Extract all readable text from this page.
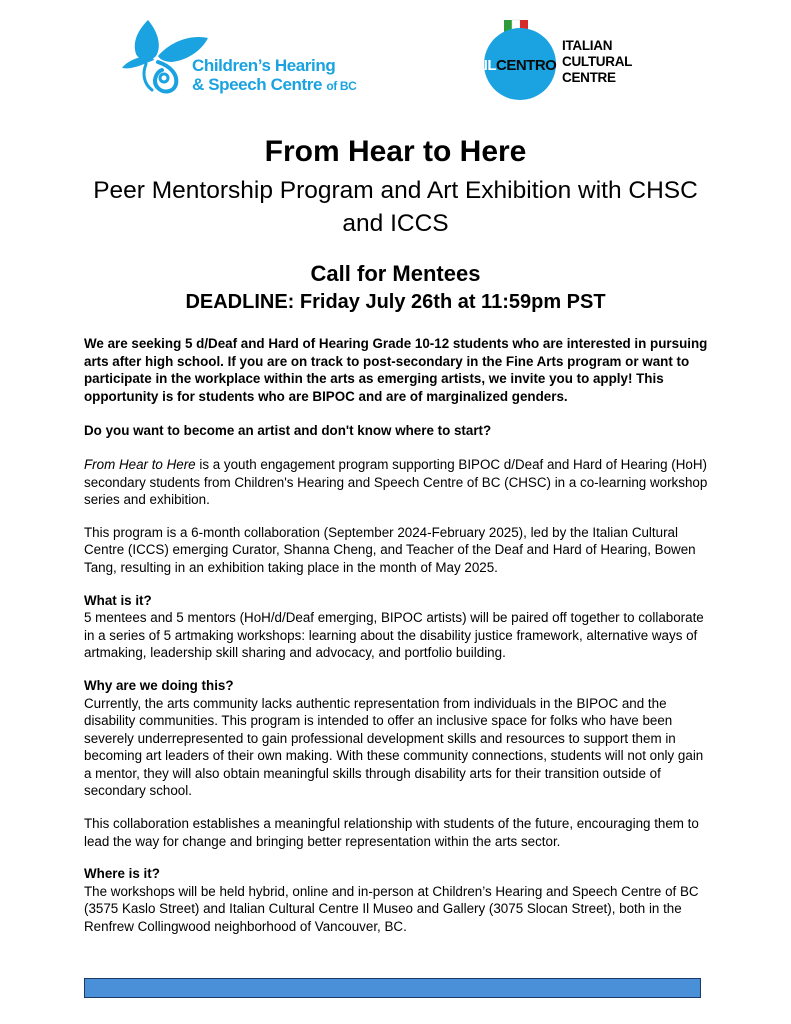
Children’s Hearing
& Speech Centre of BC
ILCENTRO
ITALIAN
CULTURAL
CENTRE
From Hear to Here
Peer Mentorship Program and Art Exhibition with CHSC and ICCS
Call for Mentees
DEADLINE: Friday July 26th at 11:59pm PST

We are seeking 5 d/Deaf and Hard of Hearing Grade 10-12 students who are interested in pursuing arts after high school. If you are on track to post-secondary in the Fine Arts program or want to participate in the workplace within the arts as emerging artists, we invite you to apply! This opportunity is for students who are BIPOC and are of marginalized genders.

Do you want to become an artist and don't know where to start?

From Hear to Here is a youth engagement program supporting BIPOC d/Deaf and Hard of Hearing (HoH) secondary students from Children's Hearing and Speech Centre of BC (CHSC) in a co-learning workshop series and exhibition.

This program is a 6-month collaboration (September 2024-February 2025), led by the Italian Cultural Centre (ICCS) emerging Curator, Shanna Cheng, and Teacher of the Deaf and Hard of Hearing, Bowen Tang, resulting in an exhibition taking place in the month of May 2025.

What is it?

5 mentees and 5 mentors (HoH/d/Deaf emerging, BIPOC artists) will be paired off together to collaborate in a series of 5 artmaking workshops: learning about the disability justice framework, alternative ways of artmaking, leadership skill sharing and advocacy, and portfolio building.

Why are we doing this?

Currently, the arts community lacks authentic representation from individuals in the BIPOC and the disability communities. This program is intended to offer an inclusive space for folks who have been severely underrepresented to gain professional development skills and resources to support them in becoming art leaders of their own making. With these community connections, students will not only gain a mentor, they will also obtain meaningful skills through disability arts for their transition outside of secondary school.

This collaboration establishes a meaningful relationship with students of the future, encouraging them to lead the way for change and bringing better representation within the arts sector.

Where is it?

The workshops will be held hybrid, online and in-person at Children’s Hearing and Speech Centre of BC (3575 Kaslo Street) and Italian Cultural Centre Il Museo and Gallery (3075 Slocan Street), both in the Renfrew Collingwood neighborhood of Vancouver, BC.
